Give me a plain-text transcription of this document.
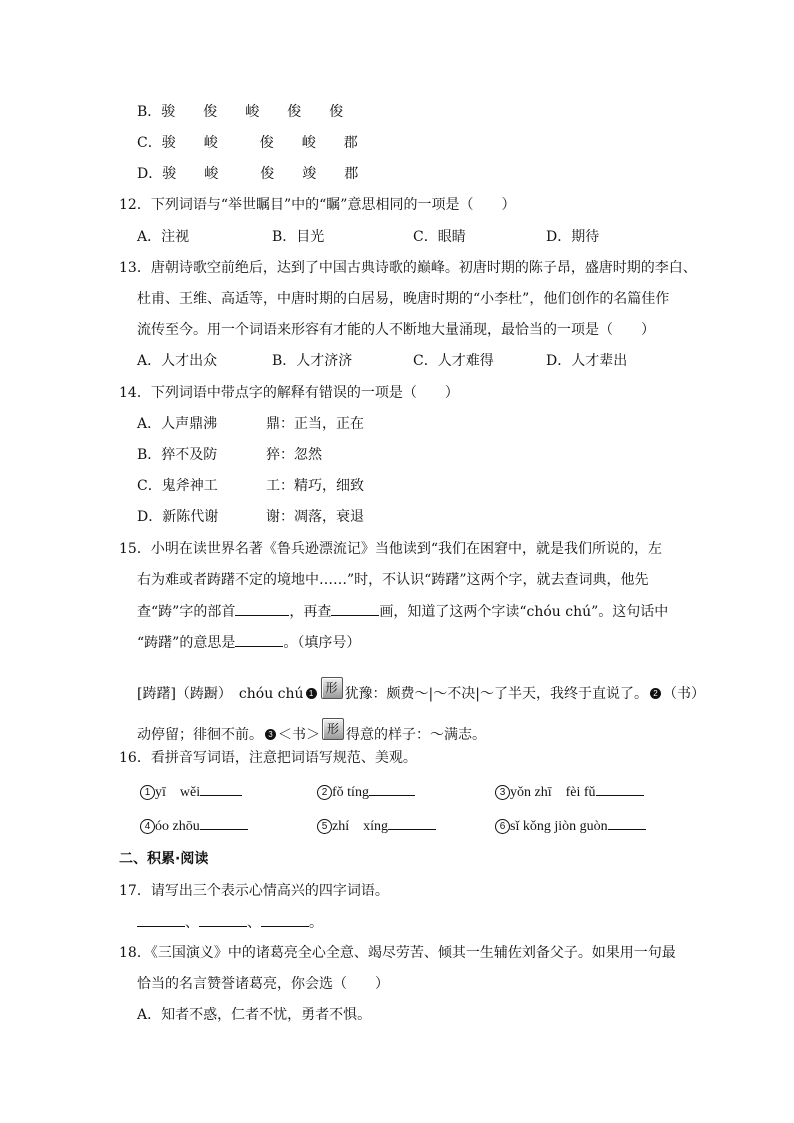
B．骏　　俊　　峻　　俊　　俊
C．骏　　峻　　　俊　　峻　　郡
D．骏　　峻　　　俊　　竣　　郡
12．下列词语与“举世瞩目”中的“瞩”意思相同的一项是（　　）
A．注视	B．目光	C．眼睛	D．期待
13．唐朝诗歌空前绝后，达到了中国古典诗歌的巅峰。初唐时期的陈子昂，盛唐时期的李白、
杜甫、王维、高适等，中唐时期的白居易，晚唐时期的“小李杜”，他们创作的名篇佳作
流传至今。用一个词语来形容有才能的人不断地大量涌现，最恰当的一项是（　　）
A．人才出众	B．人才济济	C．人才难得	D．人才辈出
14．下列词语中带点字的解释有错误的一项是（　　）
A．人声鼎沸	鼎：正当，正在
B．猝不及防	猝：忽然
C．鬼斧神工	工：精巧，细致
D．新陈代谢	谢：凋落，衰退
15．小明在读世界名著《鲁兵逊漂流记》当他读到“我们在困窘中，就是我们所说的，左
右为难或者踌躇不定的境地中……”时，不认识“踌躇”这两个字，就去查词典，他先
查“踌”字的部首	，再查	画，知道了这两个字读“chóu chú”。这句话中
“踌躇”的意思是	。（填序号）
[踌躇]（踌蹰）　chóu chú 1 形 犹豫：颇费～|～不决|～了半天，我终于直说了。 2 （书）
动停留；徘徊不前。 3 ＜书＞ 形 得意的样子：～满志。
16．看拼音写词语，注意把词语写规范、美观。
1 yī　wěi	2 fǒ tíng	3 yǒn zhī　fèi fǔ
4 óo zhōu	5 zhí　xíng	6 sǐ kǒng jiòn guòn
二、积累·阅读
17．请写出三个表示心情高兴的四字词语。
、	、	。
18．《三国演义》中的诸葛亮全心全意、竭尽劳苦、倾其一生辅佐刘备父子。如果用一句最
恰当的名言赞誉诸葛亮，你会选（　　）
A．知者不惑，仁者不忧，勇者不惧。
